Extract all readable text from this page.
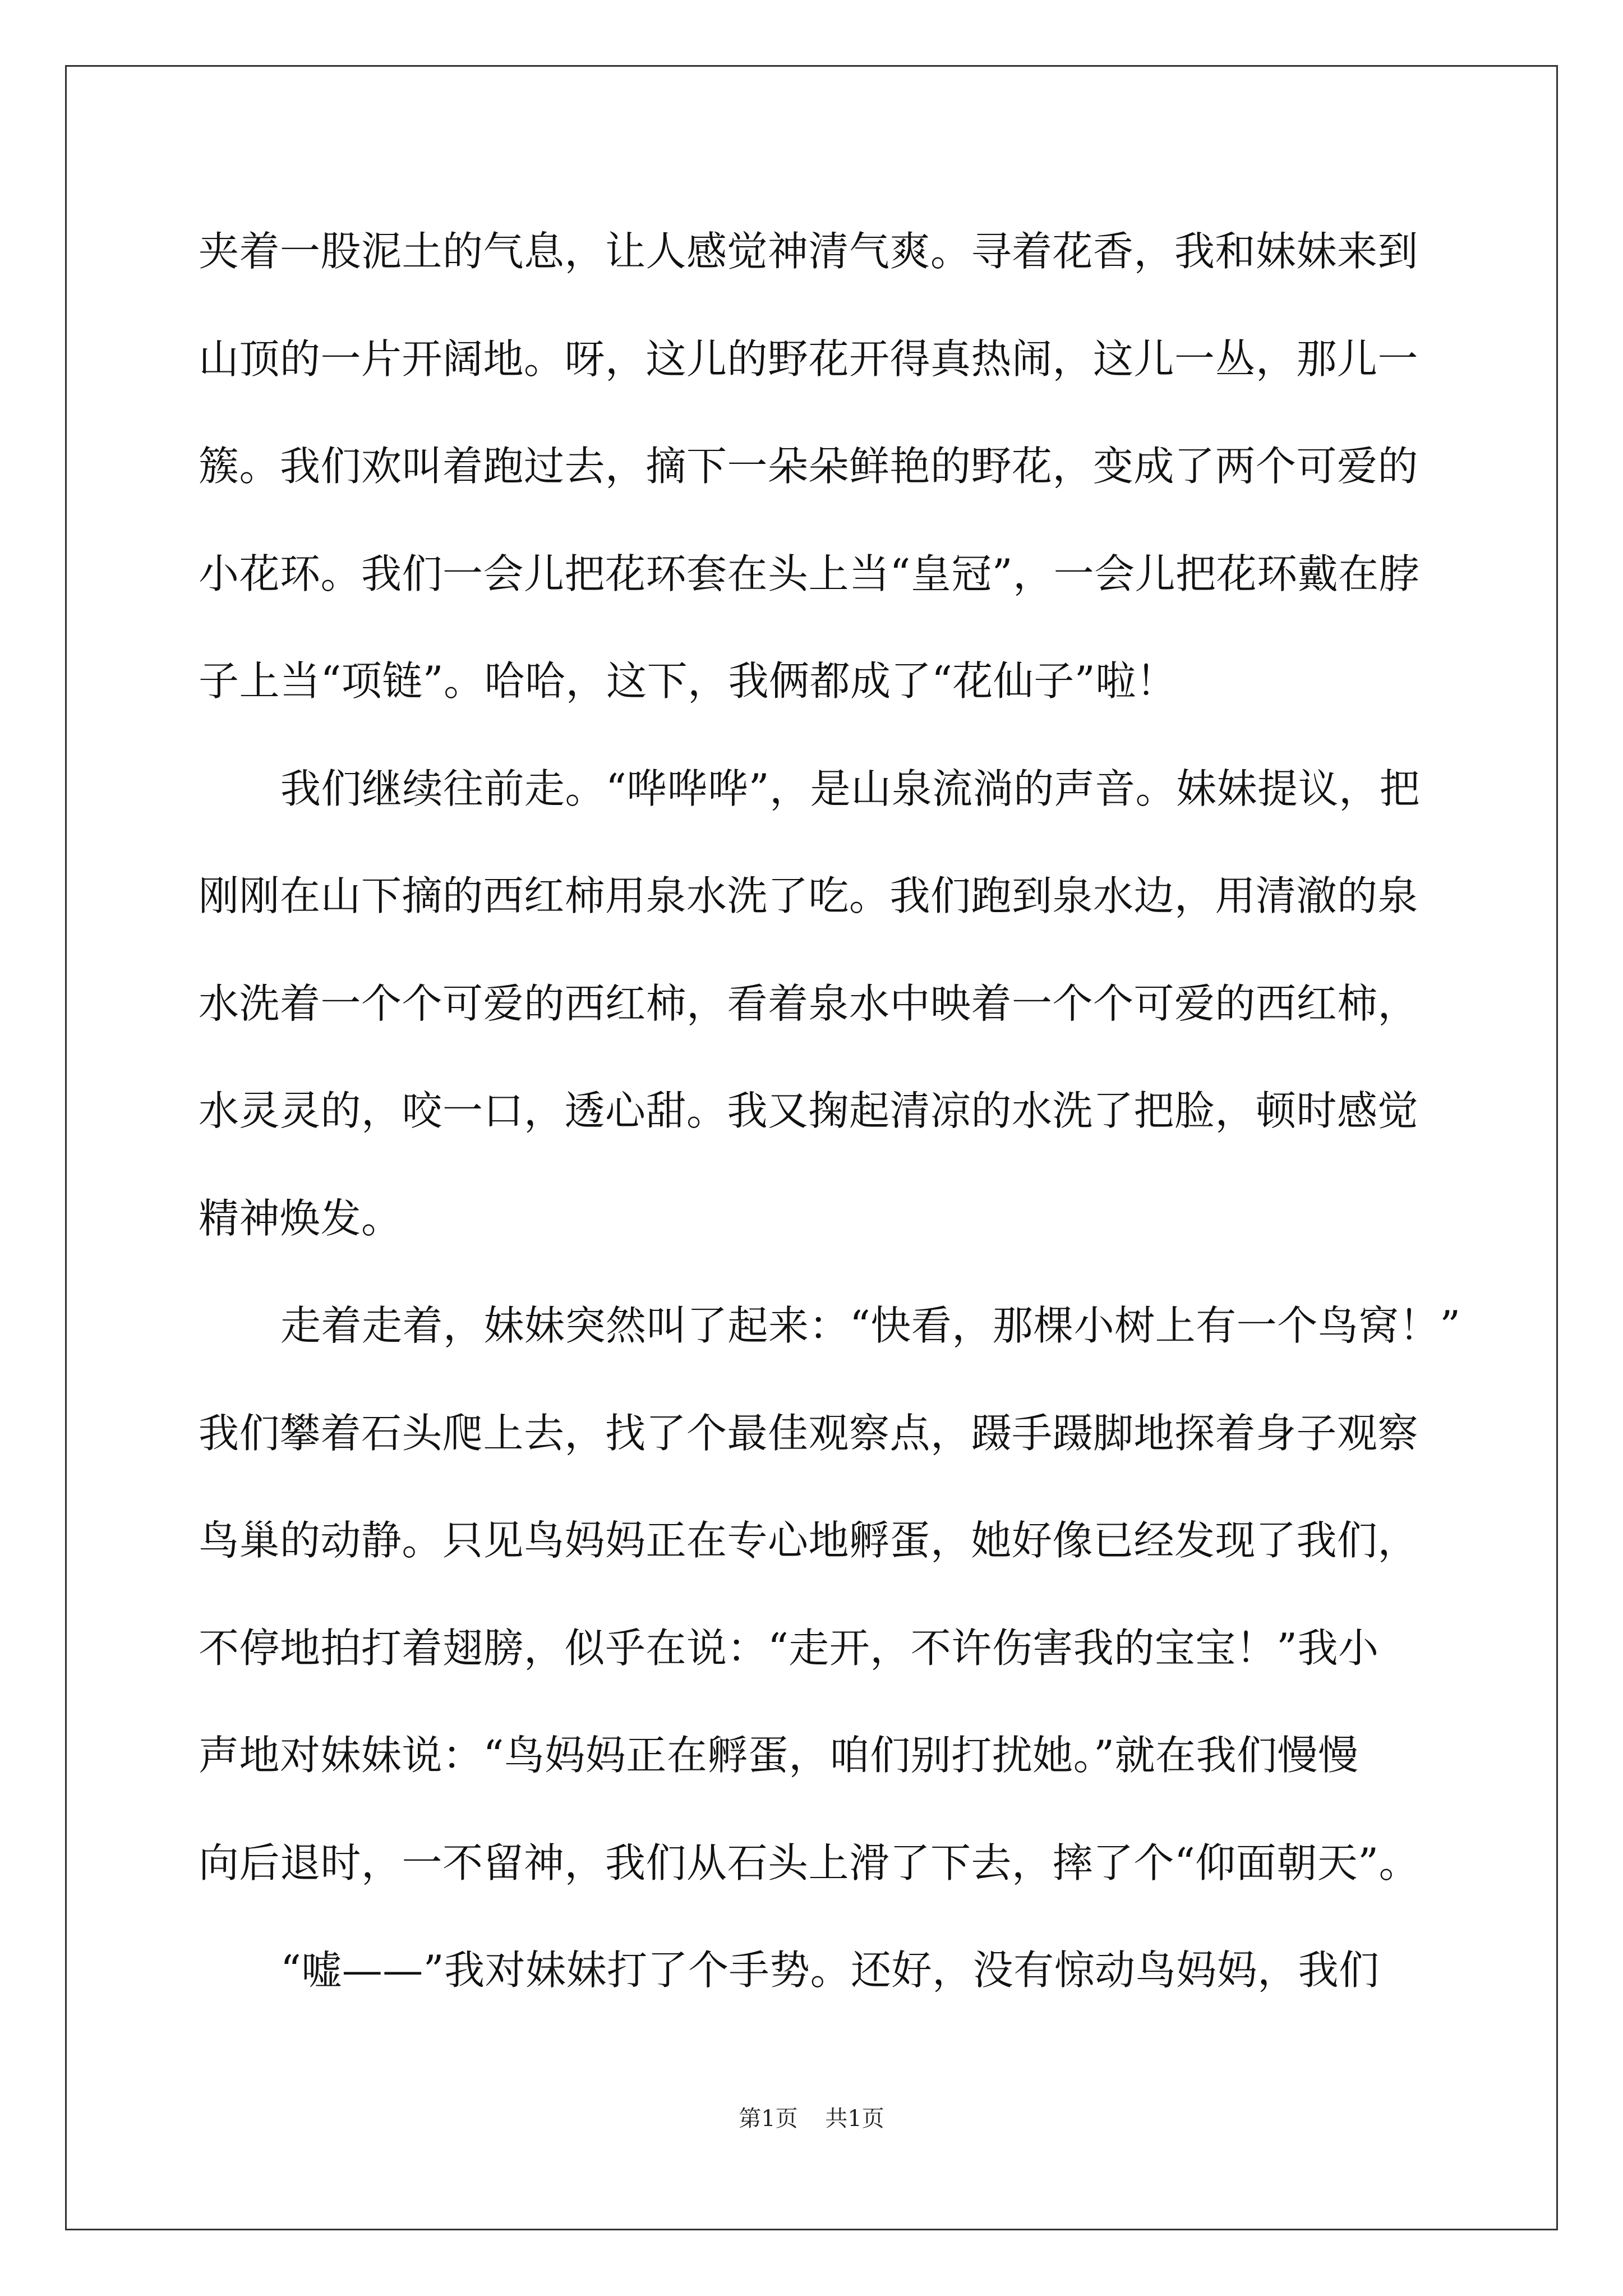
夹着一股泥土的气息，让人感觉神清气爽。寻着花香，我和妹妹来到
山顶的一片开阔地。呀，这儿的野花开得真热闹，这儿一丛，那儿一
簇。我们欢叫着跑过去，摘下一朵朵鲜艳的野花，变成了两个可爱的
小花环。我们一会儿把花环套在头上当“皇冠”，一会儿把花环戴在脖
子上当“项链”。哈哈，这下，我俩都成了“花仙子”啦！
我们继续往前走。“哗哗哗”，是山泉流淌的声音。妹妹提议，把
刚刚在山下摘的西红柿用泉水洗了吃。我们跑到泉水边，用清澈的泉
水洗着一个个可爱的西红柿，看着泉水中映着一个个可爱的西红柿，
水灵灵的，咬一口，透心甜。我又掬起清凉的水洗了把脸，顿时感觉
精神焕发。
走着走着，妹妹突然叫了起来：“快看，那棵小树上有一个鸟窝！”
我们攀着石头爬上去，找了个最佳观察点，蹑手蹑脚地探着身子观察
鸟巢的动静。只见鸟妈妈正在专心地孵蛋，她好像已经发现了我们，
不停地拍打着翅膀，似乎在说：“走开，不许伤害我的宝宝！”我小
声地对妹妹说：“鸟妈妈正在孵蛋，咱们别打扰她。”就在我们慢慢
向后退时，一不留神，我们从石头上滑了下去，摔了个“仰面朝天”。
“嘘——”我对妹妹打了个手势。还好，没有惊动鸟妈妈，我们
第1页 共1页
